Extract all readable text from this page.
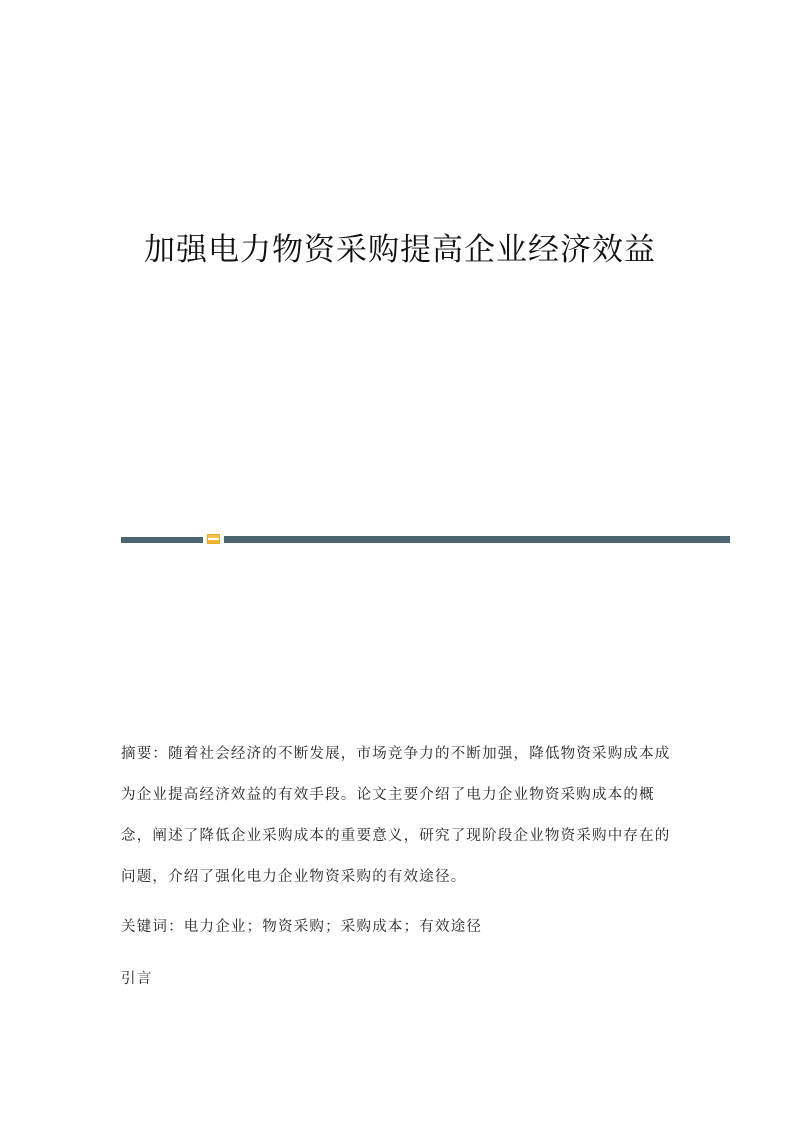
加强电力物资采购提高企业经济效益

摘要：随着社会经济的不断发展，市场竞争力的不断加强，降低物资采购成本成为企业提高经济效益的有效手段。论文主要介绍了电力企业物资采购成本的概念，阐述了降低企业采购成本的重要意义，研究了现阶段企业物资采购中存在的问题，介绍了强化电力企业物资采购的有效途径。

关键词：电力企业；物资采购；采购成本；有效途径

引言
